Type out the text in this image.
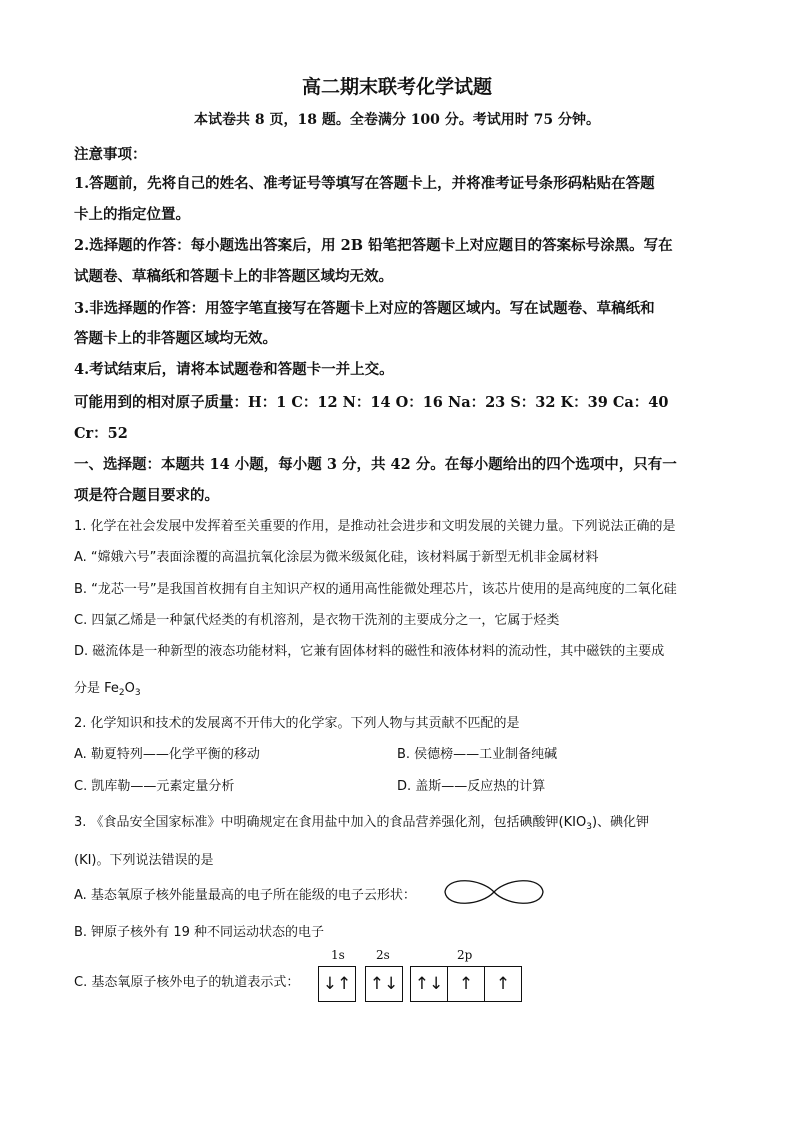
高二期末联考化学试题
本试卷共 8 页，18 题。全卷满分 100 分。考试用时 75 分钟。
注意事项：
1.答题前，先将自己的姓名、准考证号等填写在答题卡上，并将准考证号条形码粘贴在答题
卡上的指定位置。
2.选择题的作答：每小题选出答案后，用 2B 铅笔把答题卡上对应题目的答案标号涂黑。写在
试题卷、草稿纸和答题卡上的非答题区域均无效。
3.非选择题的作答：用签字笔直接写在答题卡上对应的答题区域内。写在试题卷、草稿纸和
答题卡上的非答题区域均无效。
4.考试结束后，请将本试题卷和答题卡一并上交。
可能用到的相对原子质量：H：1 C：12 N：14 O：16 Na：23 S：32 K：39 Ca：40
Cr：52
一、选择题：本题共 14 小题，每小题 3 分，共 42 分。在每小题给出的四个选项中，只有一
项是符合题目要求的。
1. 化学在社会发展中发挥着至关重要的作用，是推动社会进步和文明发展的关键力量。下列说法正确的是
A. “嫦娥六号”表面涂覆的高温抗氧化涂层为微米级氮化硅，该材料属于新型无机非金属材料
B. “龙芯一号”是我国首枚拥有自主知识产权的通用高性能微处理芯片，该芯片使用的是高纯度的二氧化硅
C. 四氯乙烯是一种氯代烃类的有机溶剂，是衣物干洗剂的主要成分之一，它属于烃类
D. 磁流体是一种新型的液态功能材料，它兼有固体材料的磁性和液体材料的流动性，其中磁铁的主要成
分是 $Fe_2O_3$
2. 化学知识和技术的发展离不开伟大的化学家。下列人物与其贡献不匹配的是
A. 勒夏特列——化学平衡的移动	B. 侯德榜——工业制备纯碱
C. 凯库勒——元素定量分析	D. 盖斯——反应热的计算
3. 《食品安全国家标准》中明确规定在食用盐中加入的食品营养强化剂，包括碘酸钾$(KIO_3)$、碘化钾
(KI)。下列说法错误的是
A. 基态氧原子核外能量最高的电子所在能级的电子云形状：
B. 钾原子核外有 19 种不同运动状态的电子
C. 基态氧原子核外电子的轨道表示式：
1s	2s	2p
↓↑ ↑↓ ↑↓ ↑	↑
